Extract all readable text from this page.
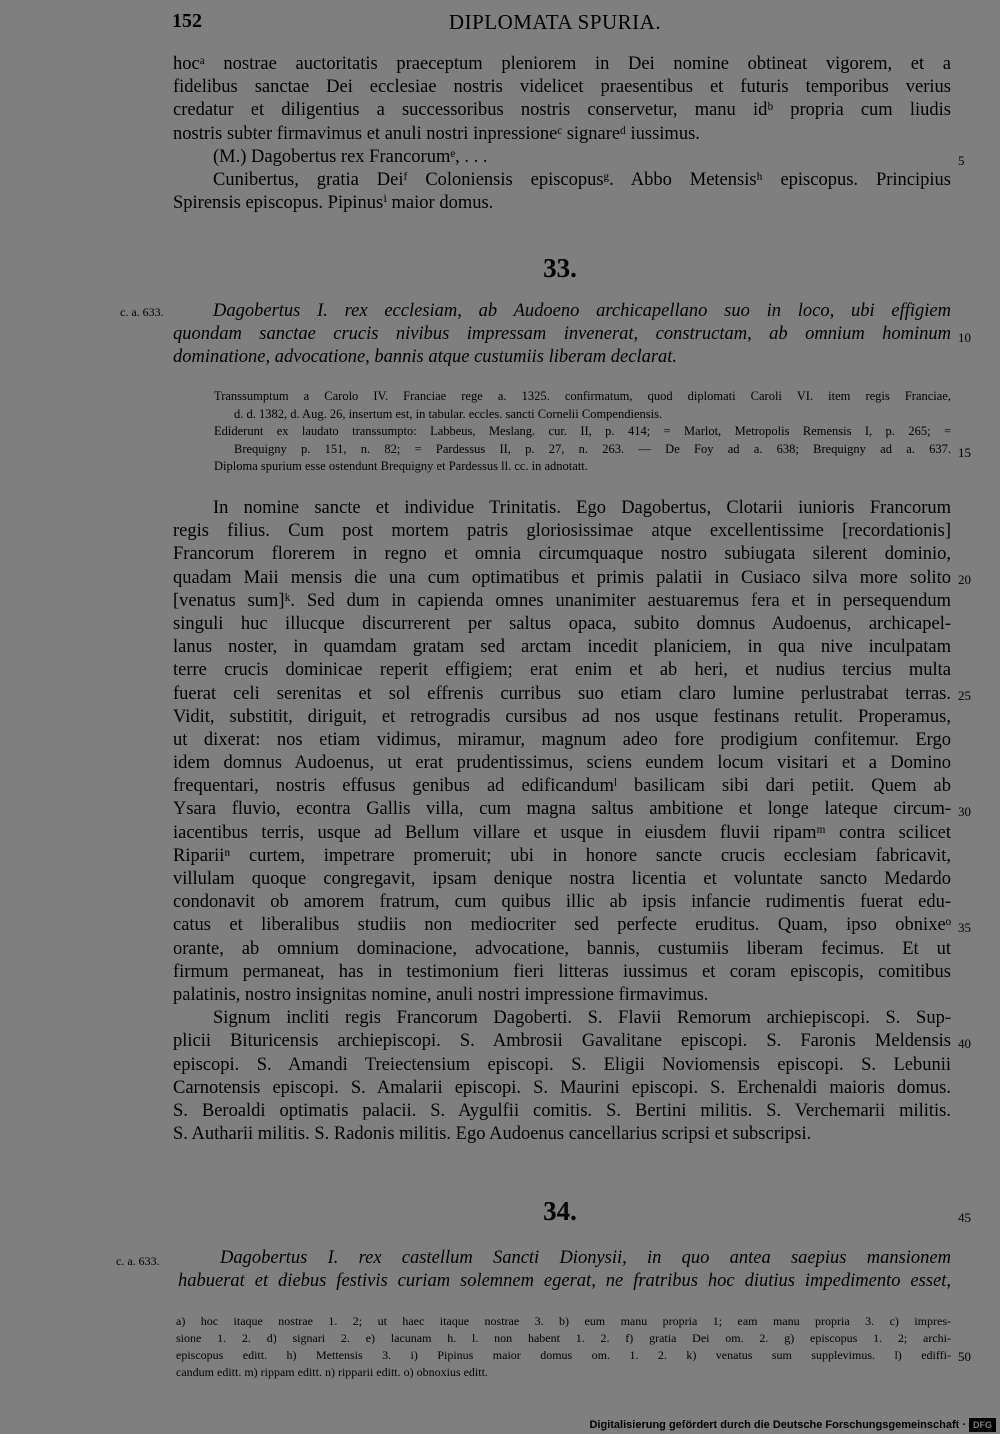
152	DIPLOMATA SPURIA.
hocᵃ nostrae auctoritatis praeceptum pleniorem in Dei nomine obtineat vigorem, et a
fidelibus sanctae Dei ecclesiae nostris videlicet praesentibus et futuris temporibus verius
credatur et diligentius a successoribus nostris conservetur, manu idᵇ propria cum liudis
nostris subter firmavimus et anuli nostri inpressioneᶜ signareᵈ iussimus.
(M.) Dagobertus rex Francorumᵉ, . . .
Cunibertus, gratia Deiᶠ Coloniensis episcopusᵍ. Abbo Metensisʰ episcopus. Principius
Spirensis episcopus. Pipinusⁱ maior domus.
5
33.
c. a. 633.	Dagobertus I. rex ecclesiam, ab Audoeno archicapellano suo in loco, ubi effigiem
quondam sanctae crucis nivibus impressam invenerat, constructam, ab omnium hominum
dominatione, advocatione, bannis atque custumiis liberam declarat.
10
Transsumptum a Carolo IV. Franciae rege a. 1325. confirmatum, quod diplomati Caroli VI. item regis Franciae,
d. d. 1382, d. Aug. 26, insertum est, in tabular. eccles. sancti Cornelii Compendiensis.
Ediderunt ex laudato transsumpto: Labbeus, Meslang. cur. II, p. 414; = Marlot, Metropolis Remensis I, p. 265; =
Brequigny p. 151, n. 82; = Pardessus II, p. 27, n. 263. — De Foy ad a. 638; Brequigny ad a. 637.
Diploma spurium esse ostendunt Brequigny et Pardessus ll. cc. in adnotatt.
15
In nomine sancte et individue Trinitatis. Ego Dagobertus, Clotarii iunioris Francorum
regis filius. Cum post mortem patris gloriosissimae atque excellentissime [recordationis]
Francorum florerem in regno et omnia circumquaque nostro subiugata silerent dominio,
quadam Maii mensis die una cum optimatibus et primis palatii in Cusiaco silva more solito
[venatus sum]ᵏ. Sed dum in capienda omnes unanimiter aestuaremus fera et in persequendum
singuli huc illucque discurrerent per saltus opaca, subito domnus Audoenus, archicapel-
lanus noster, in quamdam gratam sed arctam incedit planiciem, in qua nive inculpatam
terre crucis dominicae reperit effigiem; erat enim et ab heri, et nudius tercius multa
fuerat celi serenitas et sol effrenis curribus suo etiam claro lumine perlustrabat terras.
Vidit, substitit, diriguit, et retrogradis cursibus ad nos usque festinans retulit. Properamus,
ut dixerat: nos etiam vidimus, miramur, magnum adeo fore prodigium confitemur. Ergo
idem domnus Audoenus, ut erat prudentissimus, sciens eundem locum visitari et a Domino
frequentari, nostris effusus genibus ad edificandumˡ basilicam sibi dari petiit. Quem ab
Ysara fluvio, econtra Gallis villa, cum magna saltus ambitione et longe lateque circum-
iacentibus terris, usque ad Bellum villare et usque in eiusdem fluvii ripamᵐ contra scilicet
Ripariiⁿ curtem, impetrare promeruit; ubi in honore sancte crucis ecclesiam fabricavit,
villulam quoque congregavit, ipsam denique nostra licentia et voluntate sancto Medardo
condonavit ob amorem fratrum, cum quibus illic ab ipsis infancie rudimentis fuerat edu-
catus et liberalibus studiis non mediocriter sed perfecte eruditus. Quam, ipso obnixeᵒ
orante, ab omnium dominacione, advocatione, bannis, custumiis liberam fecimus. Et ut
firmum permaneat, has in testimonium fieri litteras iussimus et coram episcopis, comitibus
palatinis, nostro insignitas nomine, anuli nostri impressione firmavimus.
Signum incliti regis Francorum Dagoberti. S. Flavii Remorum archiepiscopi. S. Sup-
plicii Bituricensis archiepiscopi. S. Ambrosii Gavalitane episcopi. S. Faronis Meldensis
episcopi. S. Amandi Treiectensium episcopi. S. Eligii Noviomensis episcopi. S. Lebunii
Carnotensis episcopi. S. Amalarii episcopi. S. Maurini episcopi. S. Erchenaldi maioris domus.
S. Beroaldi optimatis palacii. S. Aygulfii comitis. S. Bertini militis. S. Verchemarii militis.
S. Autharii militis. S. Radonis militis. Ego Audoenus cancellarius scripsi et subscripsi.
20
25
30
35
40
34.	45
c. a. 633.	Dagobertus I. rex castellum Sancti Dionysii, in quo antea saepius mansionem
habuerat et diebus festivis curiam solemnem egerat, ne fratribus hoc diutius impedimento esset,
a) hoc itaque nostrae 1. 2; ut haec itaque nostrae 3. b) eum manu propria 1; eam manu propria 3. c) impres-
sione 1. 2. d) signari 2. e) lacunam h. l. non habent 1. 2. f) gratia Dei om. 2. g) episcopus 1. 2; archi-
episcopus editt. h) Mettensis 3. i) Pipinus maior domus om. 1. 2. k) venatus sum supplevimus. l) ediffi-
candum editt. m) rippam editt. n) ripparii editt. o) obnoxius editt.
50
Digitalisierung gefördert durch die Deutsche Forschungsgemeinschaft · DFG
